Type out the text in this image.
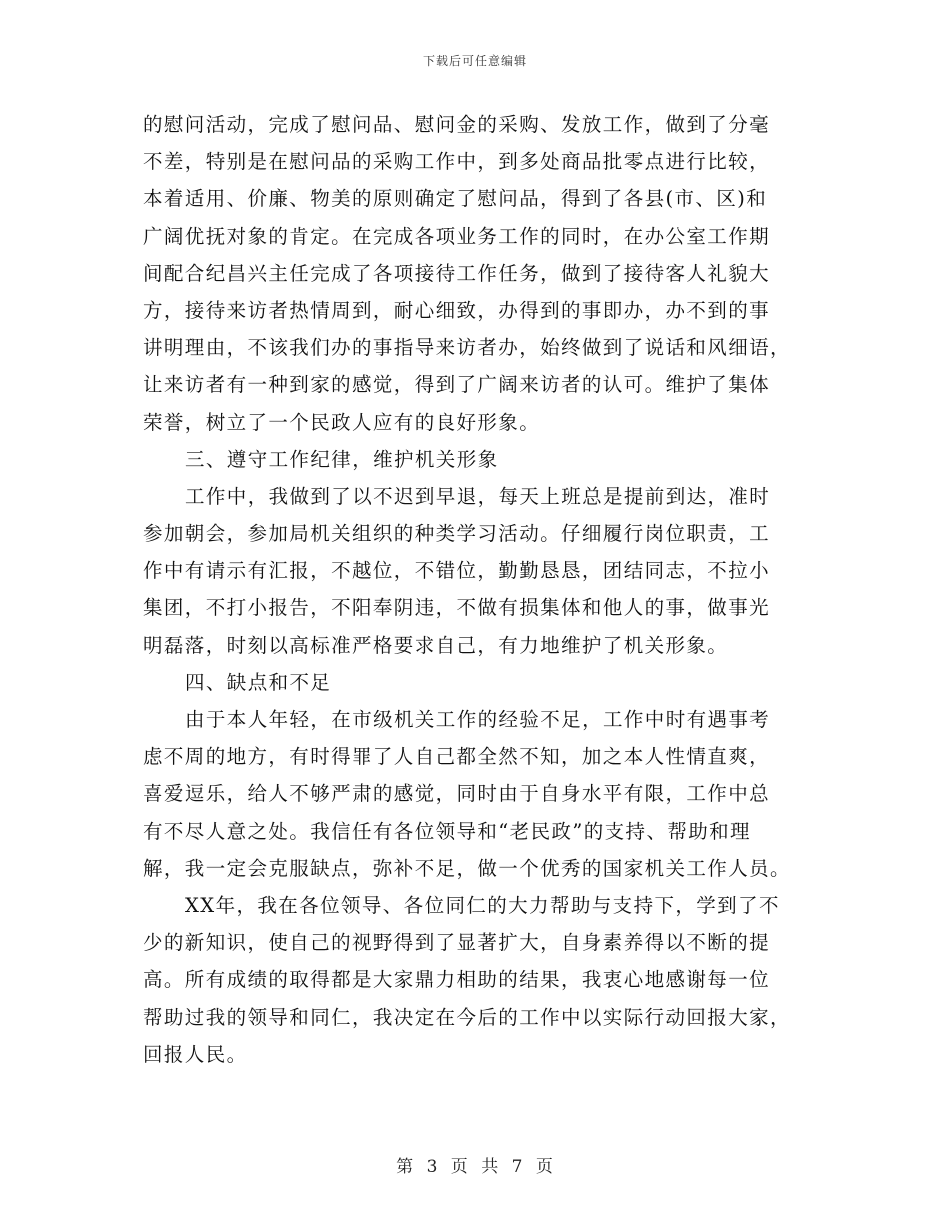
下载后可任意编辑
的慰问活动，完成了慰问品、慰问金的采购、发放工作，做到了分毫
不差，特别是在慰问品的采购工作中，到多处商品批零点进行比较，
本着适用、价廉、物美的原则确定了慰问品，得到了各县(市、区)和
广阔优抚对象的肯定。在完成各项业务工作的同时，在办公室工作期
间配合纪昌兴主任完成了各项接待工作任务，做到了接待客人礼貌大
方，接待来访者热情周到，耐心细致，办得到的事即办，办不到的事
讲明理由，不该我们办的事指导来访者办，始终做到了说话和风细语，
让来访者有一种到家的感觉，得到了广阔来访者的认可。维护了集体
荣誉，树立了一个民政人应有的良好形象。
三、遵守工作纪律，维护机关形象
工作中，我做到了以不迟到早退，每天上班总是提前到达，准时
参加朝会，参加局机关组织的种类学习活动。仔细履行岗位职责，工
作中有请示有汇报，不越位，不错位，勤勤恳恳，团结同志，不拉小
集团，不打小报告，不阳奉阴违，不做有损集体和他人的事，做事光
明磊落，时刻以高标准严格要求自己，有力地维护了机关形象。
四、缺点和不足
由于本人年轻，在市级机关工作的经验不足，工作中时有遇事考
虑不周的地方，有时得罪了人自己都全然不知，加之本人性情直爽，
喜爱逗乐，给人不够严肃的感觉，同时由于自身水平有限，工作中总
有不尽人意之处。我信任有各位领导和“老民政”的支持、帮助和理
解，我一定会克服缺点，弥补不足，做一个优秀的国家机关工作人员。
XX年，我在各位领导、各位同仁的大力帮助与支持下，学到了不
少的新知识，使自己的视野得到了显著扩大，自身素养得以不断的提
高。所有成绩的取得都是大家鼎力相助的结果，我衷心地感谢每一位
帮助过我的领导和同仁，我决定在今后的工作中以实际行动回报大家，
回报人民。
第 3 页 共 7 页
